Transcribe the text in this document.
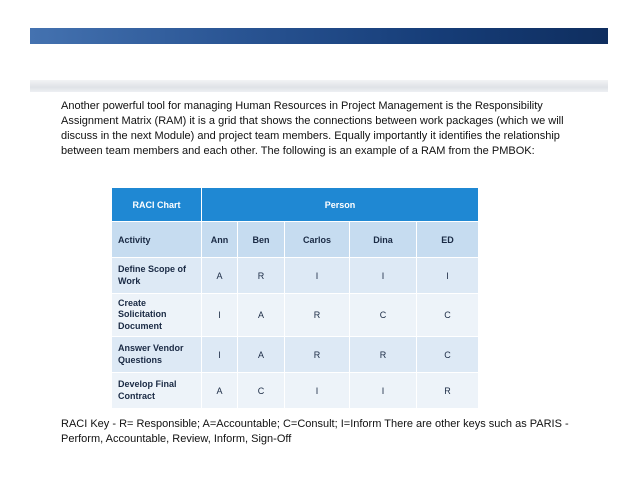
Another powerful tool for managing Human Resources in Project Management is the Responsibility Assignment Matrix (RAM) it is a grid that shows the connections between work packages (which we will discuss in the next Module) and project team members. Equally importantly it identifies the relationship between team members and each other. The following is an example of a RAM from the PMBOK:

RACI Chart	Person				
Activity	Ann	Ben	Carlos	Dina	ED
Define Scope of Work	A	R	I	I	I
Create Solicitation Document	I	A	R	C	C
Answer Vendor Questions	I	A	R	R	C
Develop Final Contract	A	C	I	I	R

RACI Key - R= Responsible; A=Accountable; C=Consult; I=Inform There are other keys such as PARIS - Perform, Accountable, Review, Inform, Sign-Off
